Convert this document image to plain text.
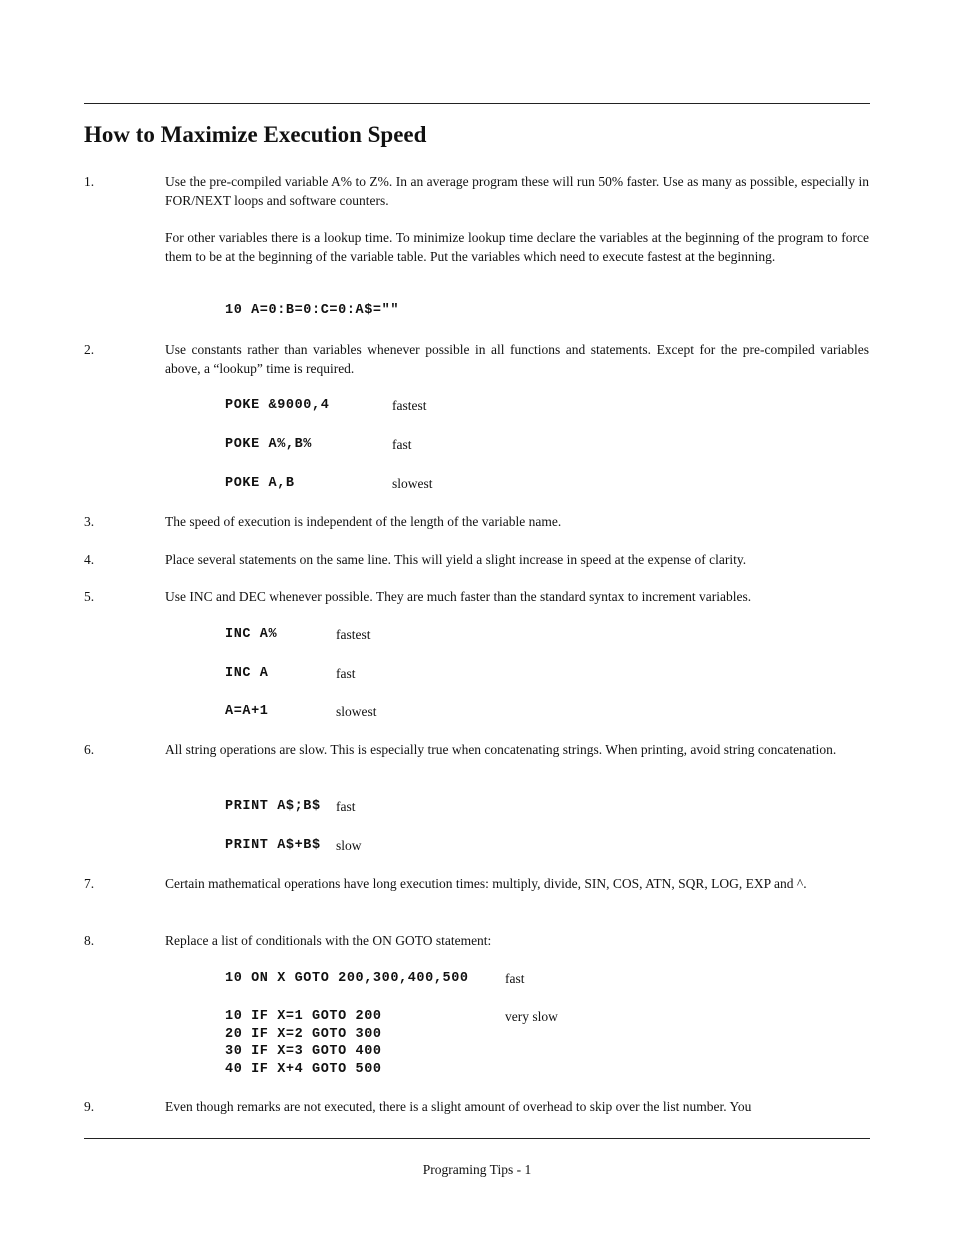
How to Maximize Execution Speed
1.	Use the pre-compiled variable A% to Z%. In an average program these will run 50% faster. Use as many as possible, especially in FOR/NEXT loops and software counters.
For other variables there is a lookup time. To minimize lookup time declare the variables at the beginning of the program to force them to be at the beginning of the variable table. Put the variables which need to execute fastest at the beginning.
10 A=0:B=0:C=0:A$=""
2.	Use constants rather than variables whenever possible in all functions and statements. Except for the pre-compiled variables above, a “lookup” time is required.
POKE &9000,4	fastest
POKE A%,B%	fast
POKE A,B	slowest
3.	The speed of execution is independent of the length of the variable name.
4.	Place several statements on the same line. This will yield a slight increase in speed at the expense of clarity.
5.	Use INC and DEC whenever possible. They are much faster than the standard syntax to increment variables.
INC A%	fastest
INC A	fast
A=A+1	slowest
6.	All string operations are slow. This is especially true when concatenating strings. When printing, avoid string concatenation.
PRINT A$;B$ fast
PRINT A$+B$ slow
7.	Certain mathematical operations have long execution times: multiply, divide, SIN, COS, ATN, SQR, LOG, EXP and ^.
8.	Replace a list of conditionals with the ON GOTO statement:
10 ON X GOTO 200,300,400,500	fast
10 IF X=1 GOTO 200
20 IF X=2 GOTO 300
30 IF X=3 GOTO 400
40 IF X+4 GOTO 500
very slow
9.	Even though remarks are not executed, there is a slight amount of overhead to skip over the list number. You
Programing Tips - 1
